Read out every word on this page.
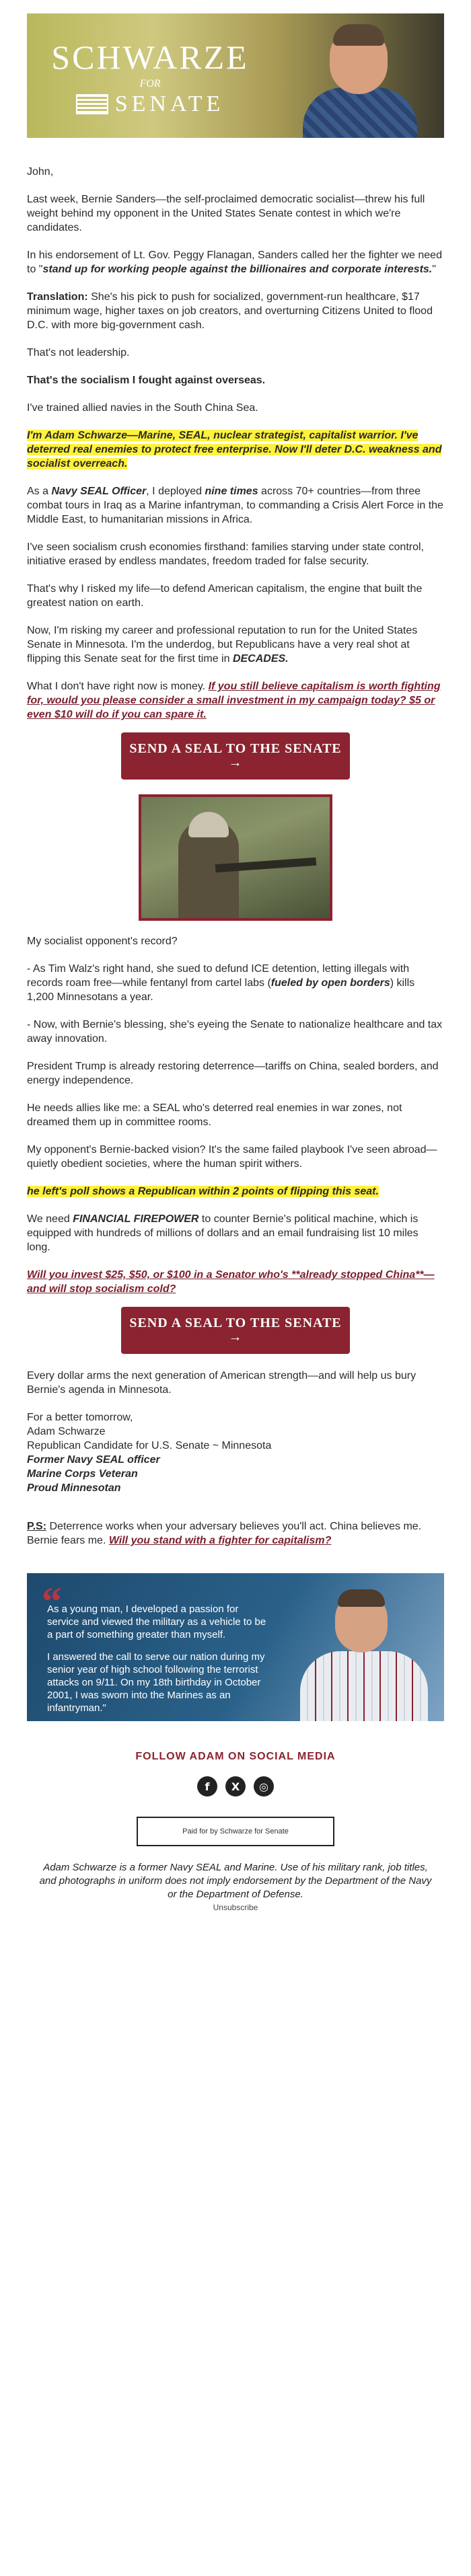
SCHWARZE
FOR
SENATE

John,

Last week, Bernie Sanders—the self-proclaimed democratic socialist—threw his full weight behind my opponent in the United States Senate contest in which we're candidates.

In his endorsement of Lt. Gov. Peggy Flanagan, Sanders called her the fighter we need to "stand up for working people against the billionaires and corporate interests."

Translation: She's his pick to push for socialized, government-run healthcare, $17 minimum wage, higher taxes on job creators, and overturning Citizens United to flood D.C. with more big-government cash.

That's not leadership.

That's the socialism I fought against overseas.

I've trained allied navies in the South China Sea.

I'm Adam Schwarze—Marine, SEAL, nuclear strategist, capitalist warrior. I've deterred real enemies to protect free enterprise. Now I'll deter D.C. weakness and socialist overreach.

As a Navy SEAL Officer, I deployed nine times across 70+ countries—from three combat tours in Iraq as a Marine infantryman, to commanding a Crisis Alert Force in the Middle East, to humanitarian missions in Africa.

I've seen socialism crush economies firsthand: families starving under state control, initiative erased by endless mandates, freedom traded for false security.

That's why I risked my life—to defend American capitalism, the engine that built the greatest nation on earth.

Now, I'm risking my career and professional reputation to run for the United States Senate in Minnesota. I'm the underdog, but Republicans have a very real shot at flipping this Senate seat for the first time in DECADES.

What I don't have right now is money. If you still believe capitalism is worth fighting for, would you please consider a small investment in my campaign today? $5 or even $10 will do if you can spare it.

SEND A SEAL TO THE SENATE →

My socialist opponent's record?

- As Tim Walz's right hand, she sued to defund ICE detention, letting illegals with records roam free—while fentanyl from cartel labs (fueled by open borders) kills 1,200 Minnesotans a year.

- Now, with Bernie's blessing, she's eyeing the Senate to nationalize healthcare and tax away innovation.

President Trump is already restoring deterrence—tariffs on China, sealed borders, and energy independence.

He needs allies like me: a SEAL who's deterred real enemies in war zones, not dreamed them up in committee rooms.

My opponent's Bernie-backed vision? It's the same failed playbook I've seen abroad—quietly obedient societies, where the human spirit withers.

he left's poll shows a Republican within 2 points of flipping this seat.

We need FINANCIAL FIREPOWER to counter Bernie's political machine, which is equipped with hundreds of millions of dollars and an email fundraising list 10 miles long.

Will you invest $25, $50, or $100 in a Senator who's **already stopped China**—and will stop socialism cold?

SEND A SEAL TO THE SENATE →

Every dollar arms the next generation of American strength—and will help us bury Bernie's agenda in Minnesota.

For a better tomorrow,
Adam Schwarze
Republican Candidate for U.S. Senate ~ Minnesota
Former Navy SEAL officer
Marine Corps Veteran
Proud Minnesotan

P.S: Deterrence works when your adversary believes you'll act. China believes me. Bernie fears me. Will you stand with a fighter for capitalism?

“

As a young man, I developed a passion for service and viewed the military as a vehicle to be a part of something greater than myself.

I answered the call to serve our nation during my senior year of high school following the terrorist attacks on 9/11. On my 18th birthday in October 2001, I was sworn into the Marines as an infantryman."

FOLLOW ADAM ON SOCIAL MEDIA
f	X	◎
Paid for by Schwarze for Senate
Adam Schwarze is a former Navy SEAL and Marine. Use of his military rank, job titles, and photographs in uniform does not imply endorsement by the Department of the Navy or the Department of Defense.
Unsubscribe
